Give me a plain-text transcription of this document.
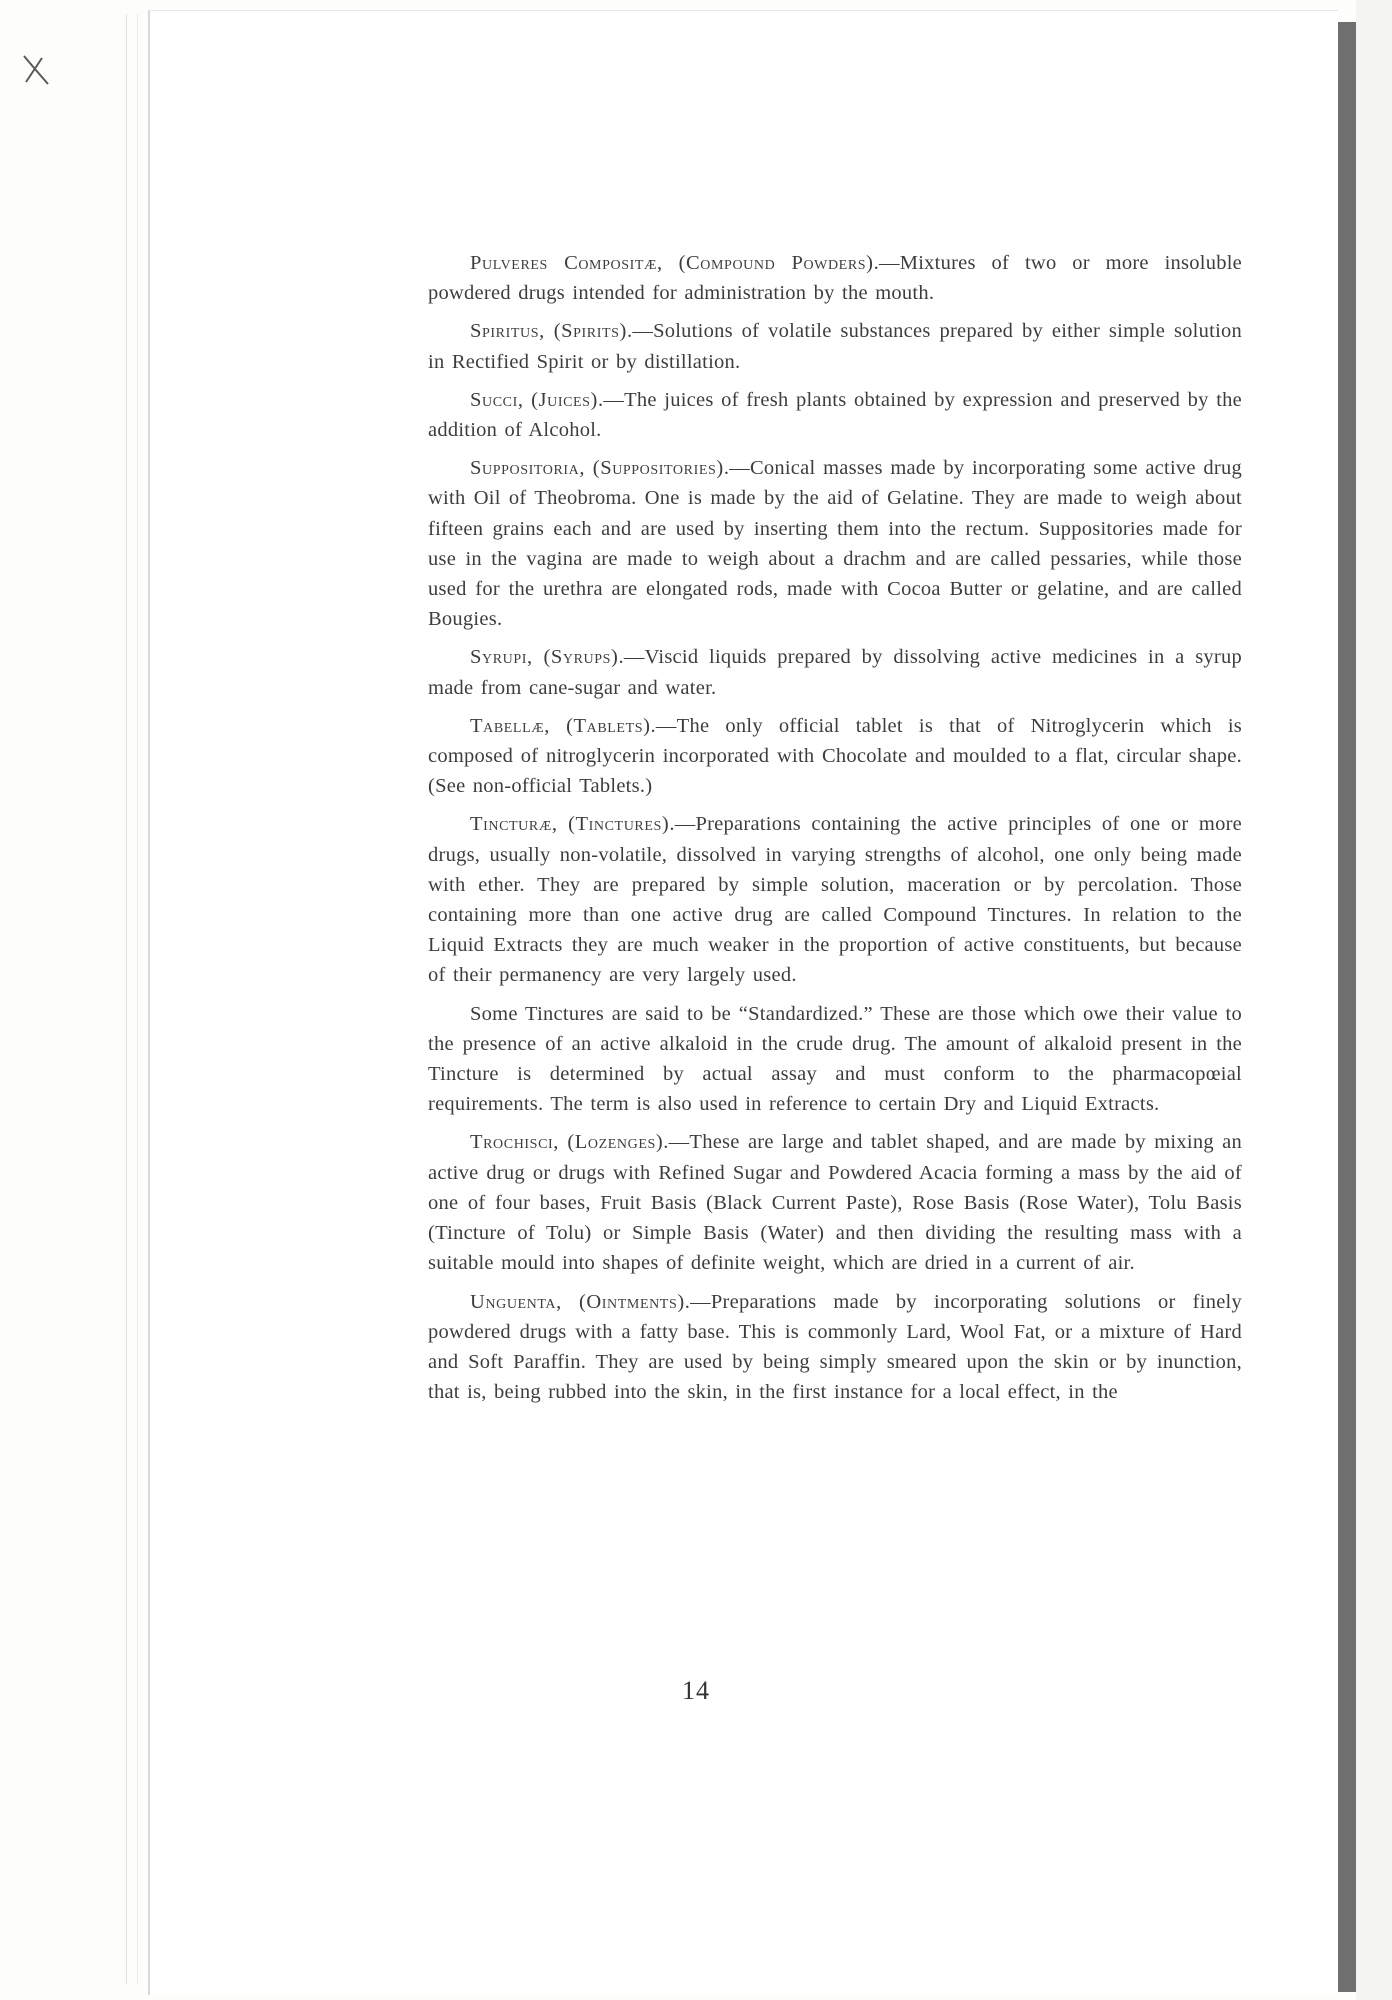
Pulveres Compositæ, (Compound Powders).—Mixtures of two or more insoluble powdered drugs intended for administration by the mouth.

Spiritus, (Spirits).—Solutions of volatile substances prepared by either simple solution in Rectified Spirit or by distillation.

Succi, (Juices).—The juices of fresh plants obtained by expression and preserved by the addition of Alcohol.

Suppositoria, (Suppositories).—Conical masses made by incorporating some active drug with Oil of Theobroma. One is made by the aid of Gelatine. They are made to weigh about fifteen grains each and are used by inserting them into the rectum. Suppositories made for use in the vagina are made to weigh about a drachm and are called pessaries, while those used for the urethra are elongated rods, made with Cocoa Butter or gelatine, and are called Bougies.

Syrupi, (Syrups).—Viscid liquids prepared by dissolving active medicines in a syrup made from cane-sugar and water.

Tabellæ, (Tablets).—The only official tablet is that of Nitroglycerin which is composed of nitroglycerin incorporated with Chocolate and moulded to a flat, circular shape. (See non-official Tablets.)

Tincturæ, (Tinctures).—Preparations containing the active principles of one or more drugs, usually non-volatile, dissolved in varying strengths of alcohol, one only being made with ether. They are prepared by simple solution, maceration or by percolation. Those containing more than one active drug are called Compound Tinctures. In relation to the Liquid Extracts they are much weaker in the proportion of active constituents, but because of their permanency are very largely used.

Some Tinctures are said to be “Standardized.” These are those which owe their value to the presence of an active alkaloid in the crude drug. The amount of alkaloid present in the Tincture is determined by actual assay and must conform to the pharmacopœial requirements. The term is also used in reference to certain Dry and Liquid Extracts.

Trochisci, (Lozenges).—These are large and tablet shaped, and are made by mixing an active drug or drugs with Refined Sugar and Powdered Acacia forming a mass by the aid of one of four bases, Fruit Basis (Black Current Paste), Rose Basis (Rose Water), Tolu Basis (Tincture of Tolu) or Simple Basis (Water) and then dividing the resulting mass with a suitable mould into shapes of definite weight, which are dried in a current of air.

Unguenta, (Ointments).—Preparations made by incorporating solutions or finely powdered drugs with a fatty base. This is commonly Lard, Wool Fat, or a mixture of Hard and Soft Paraffin. They are used by being simply smeared upon the skin or by inunction, that is, being rubbed into the skin, in the first instance for a local effect, in the

14
